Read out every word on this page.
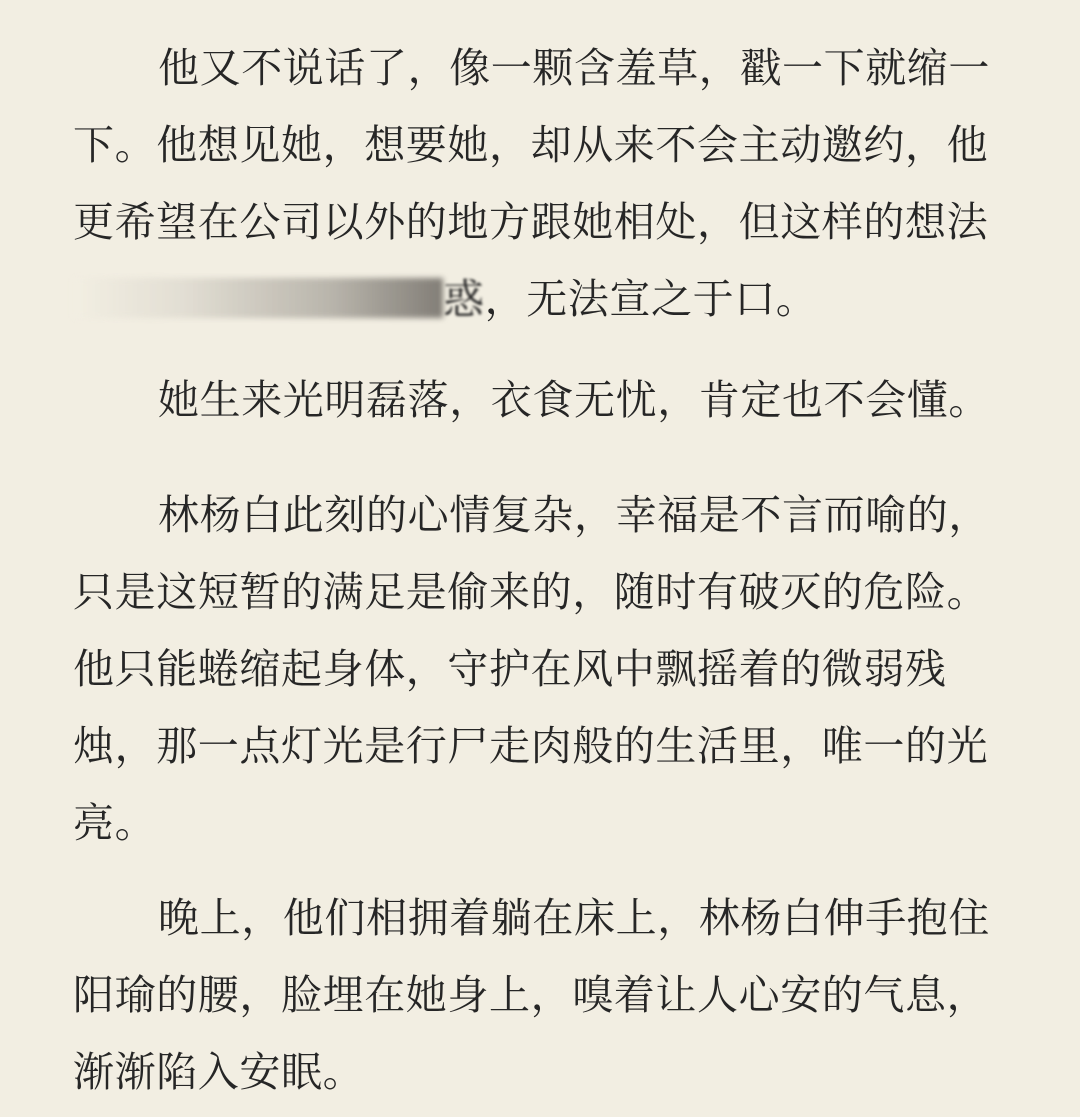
他又不说话了，像一颗含羞草，戳一下就缩一
下。他想见她，想要她，却从来不会主动邀约，他
更希望在公司以外的地方跟她相处，但这样的想法
惑，无法宣之于口。
她生来光明磊落，衣食无忧，肯定也不会懂。
林杨白此刻的心情复杂，幸福是不言而喻的，
只是这短暂的满足是偷来的，随时有破灭的危险。
他只能蜷缩起身体，守护在风中飘摇着的微弱残
烛，那一点灯光是行尸走肉般的生活里，唯一的光
亮。
晚上，他们相拥着躺在床上，林杨白伸手抱住
阳瑜的腰，脸埋在她身上，嗅着让人心安的气息，
渐渐陷入安眠。
